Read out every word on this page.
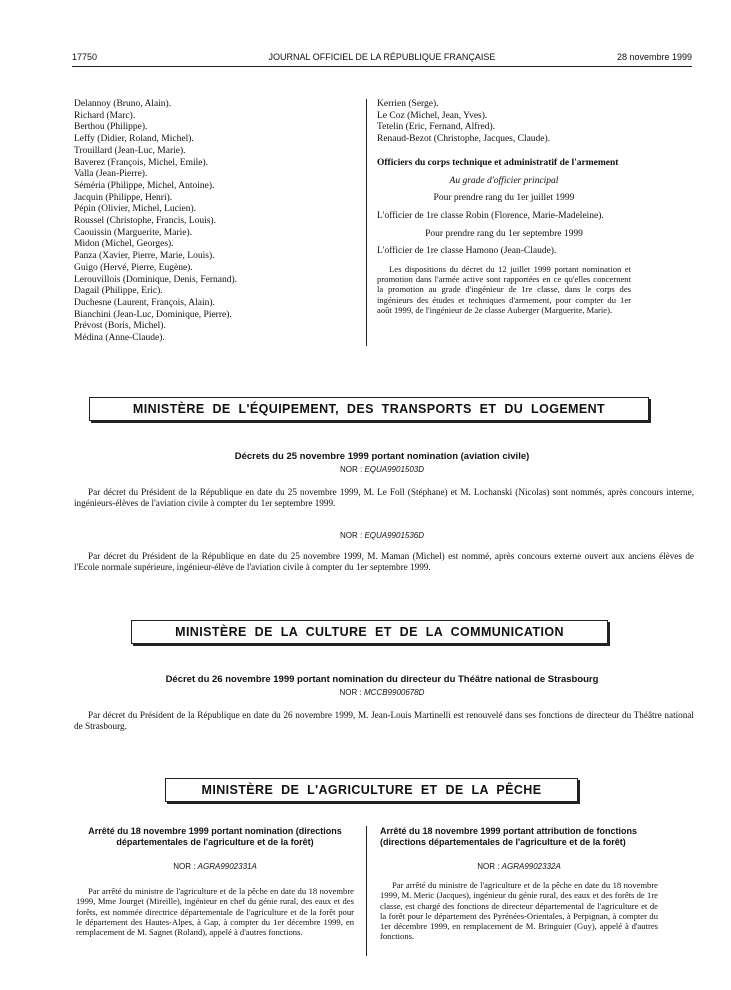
17750	JOURNAL OFFICIEL DE LA RÉPUBLIQUE FRANÇAISE	28 novembre 1999
Delannoy (Bruno, Alain).
Richard (Marc).
Berthou (Philippe).
Leffy (Didier, Roland, Michel).
Trouillard (Jean-Luc, Marie).
Baverez (François, Michel, Emile).
Valla (Jean-Pierre).
Séméria (Philippe, Michel, Antoine).
Jacquin (Philippe, Henri).
Pépin (Olivier, Michel, Lucien).
Roussel (Christophe, Francis, Louis).
Caouissin (Marguerite, Marie).
Midon (Michel, Georges).
Panza (Xavier, Pierre, Marie, Louis).
Guigo (Hervé, Pierre, Eugène).
Lerouvillois (Dominique, Denis, Fernand).
Dagail (Philippe, Eric).
Duchesne (Laurent, François, Alain).
Bianchini (Jean-Luc, Dominique, Pierre).
Prévost (Boris, Michel).
Médina (Anne-Claude).
Kerrien (Serge).
Le Coz (Michel, Jean, Yves).
Tetelin (Eric, Fernand, Alfred).
Renaud-Bezot (Christophe, Jacques, Claude).
Officiers du corps technique et administratif de l'armement
Au grade d'officier principal
Pour prendre rang du 1er juillet 1999
L'officier de 1re classe Robin (Florence, Marie-Madeleine).
Pour prendre rang du 1er septembre 1999
L'officier de 1re classe Hamono (Jean-Claude).
Les dispositions du décret du 12 juillet 1999 portant nomination et promotion dans l'armée active sont rapportées en ce qu'elles concernent la promotion au grade d'ingénieur de 1re classe, dans le corps des ingénieurs des études et techniques d'armement, pour compter du 1er août 1999, de l'ingénieur de 2e classe Auberger (Marguerite, Marie).
MINISTÈRE DE L'ÉQUIPEMENT, DES TRANSPORTS ET DU LOGEMENT
Décrets du 25 novembre 1999 portant nomination (aviation civile)
NOR : EQUA9901503D
Par décret du Président de la République en date du 25 novembre 1999, M. Le Foll (Stéphane) et M. Lochanski (Nicolas) sont nommés, après concours interne, ingénieurs-élèves de l'aviation civile à compter du 1er septembre 1999.
NOR : EQUA9901536D
Par décret du Président de la République en date du 25 novembre 1999, M. Maman (Michel) est nommé, après concours externe ouvert aux anciens élèves de l'Ecole normale supérieure, ingénieur-élève de l'aviation civile à compter du 1er septembre 1999.
MINISTÈRE DE LA CULTURE ET DE LA COMMUNICATION
Décret du 26 novembre 1999 portant nomination du directeur du Théâtre national de Strasbourg
NOR : MCCB9900678D
Par décret du Président de la République en date du 26 novembre 1999, M. Jean-Louis Martinelli est renouvelé dans ses fonctions de directeur du Théâtre national de Strasbourg.
MINISTÈRE DE L'AGRICULTURE ET DE LA PÊCHE
Arrêté du 18 novembre 1999 portant nomination (directions départementales de l'agriculture et de la forêt)
NOR : AGRA9902331A
Par arrêté du ministre de l'agriculture et de la pêche en date du 18 novembre 1999, Mme Jourget (Mireille), ingénieur en chef du génie rural, des eaux et des forêts, est nommée directrice départementale de l'agriculture et de la forêt pour le département des Hautes-Alpes, à Gap, à compter du 1er décembre 1999, en remplacement de M. Sagnet (Roland), appelé à d'autres fonctions.
Arrêté du 18 novembre 1999 portant attribution de fonctions (directions départementales de l'agriculture et de la forêt)
NOR : AGRA9902332A
Par arrêté du ministre de l'agriculture et de la pêche en date du 18 novembre 1999, M. Meric (Jacques), ingénieur du génie rural, des eaux et des forêts de 1re classe, est chargé des fonctions de directeur départemental de l'agriculture et de la forêt pour le département des Pyrénées-Orientales, à Perpignan, à compter du 1er décembre 1999, en remplacement de M. Bringuier (Guy), appelé à d'autres fonctions.
